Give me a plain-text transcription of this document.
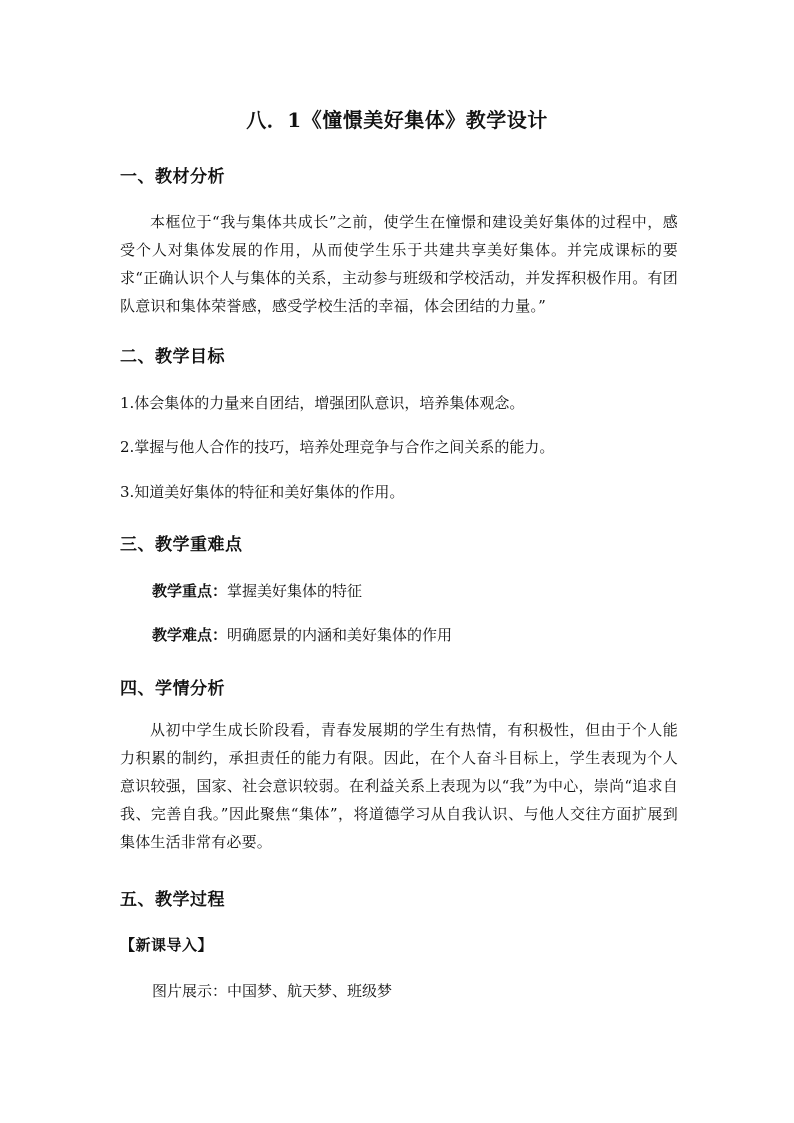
八．1《憧憬美好集体》教学设计
一、教材分析
本框位于“我与集体共成长”之前，使学生在憧憬和建设美好集体的过程中，感受个人对集体发展的作用，从而使学生乐于共建共享美好集体。并完成课标的要求“正确认识个人与集体的关系，主动参与班级和学校活动，并发挥积极作用。有团队意识和集体荣誉感，感受学校生活的幸福，体会团结的力量。”
二、教学目标
1.体会集体的力量来自团结，增强团队意识，培养集体观念。
2.掌握与他人合作的技巧，培养处理竞争与合作之间关系的能力。
3.知道美好集体的特征和美好集体的作用。
三、教学重难点
教学重点：掌握美好集体的特征
教学难点：明确愿景的内涵和美好集体的作用
四、学情分析
从初中学生成长阶段看，青春发展期的学生有热情，有积极性，但由于个人能力积累的制约，承担责任的能力有限。因此，在个人奋斗目标上，学生表现为个人意识较强，国家、社会意识较弱。在利益关系上表现为以“我”为中心，崇尚“追求自我、完善自我。”因此聚焦“集体”，将道德学习从自我认识、与他人交往方面扩展到集体生活非常有必要。
五、教学过程
【新课导入】
图片展示：中国梦、航天梦、班级梦
